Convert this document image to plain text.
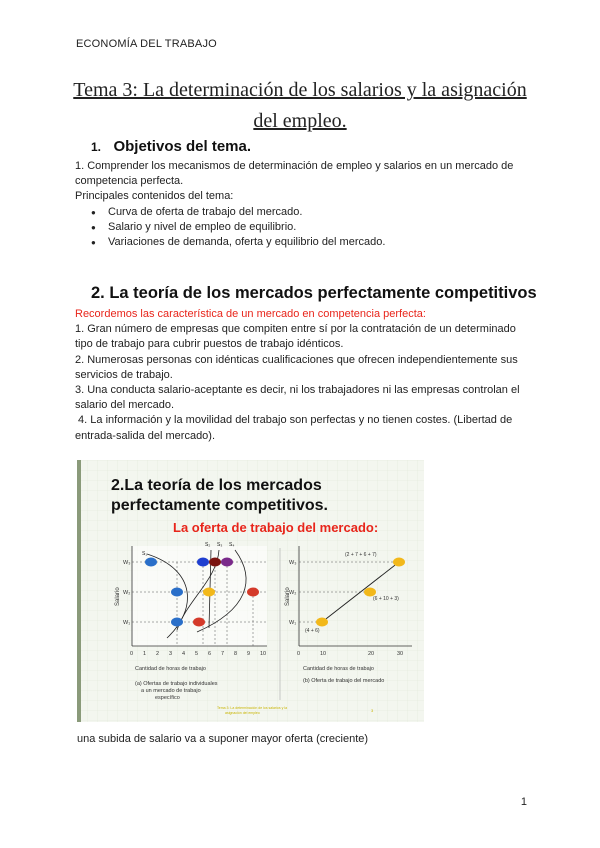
ECONOMÍA DEL TRABAJO
Tema 3: La determinación de los salarios y la asignación
del empleo.
1. Objetivos del tema.
1. Comprender los mecanismos de determinación de empleo y salarios en un mercado de
competencia perfecta.
Principales contenidos del tema:
● Curva de oferta de trabajo del mercado.
● Salario y nivel de empleo de equilibrio.
● Variaciones de demanda, oferta y equilibrio del mercado.
2. La teoría de los mercados perfectamente competitivos
Recordemos las característica de un mercado en competencia perfecta:
1. Gran número de empresas que compiten entre sí por la contratación de un determinado
tipo de trabajo para cubrir puestos de trabajo idénticos.
2. Numerosas personas con idénticas cualificaciones que ofrecen independientemente sus
servicios de trabajo.
3. Una conducta salario-aceptante es decir, ni los trabajadores ni las empresas controlan el
salario del mercado.
4. La información y la movilidad del trabajo son perfectas y no tienen costes. (Libertad de
entrada-salida del mercado).
2.La teoría de los mercados
perfectamente competitivos.
La oferta de trabajo del mercado:
Salario
W₃
W₂
W₁
0 1 2 3 4 5 6 7 8 9 10
S₁
S₂ S₃ S₄
Cantidad de horas de trabajo
(a) Ofertas de trabajo individuales
a un mercado de trabajo
específico
Salario
W₃
W₂
W₁
0	10	20	30
(2 + 7 + 6 + 7)
(4 + 6)
(6 + 10 + 3)
Cantidad de horas de trabajo
(b) Oferta de trabajo del mercado
Tema 3: La determinación de los salarios y la
asignación del empleo	3
una subida de salario va a suponer mayor oferta (creciente)
1
